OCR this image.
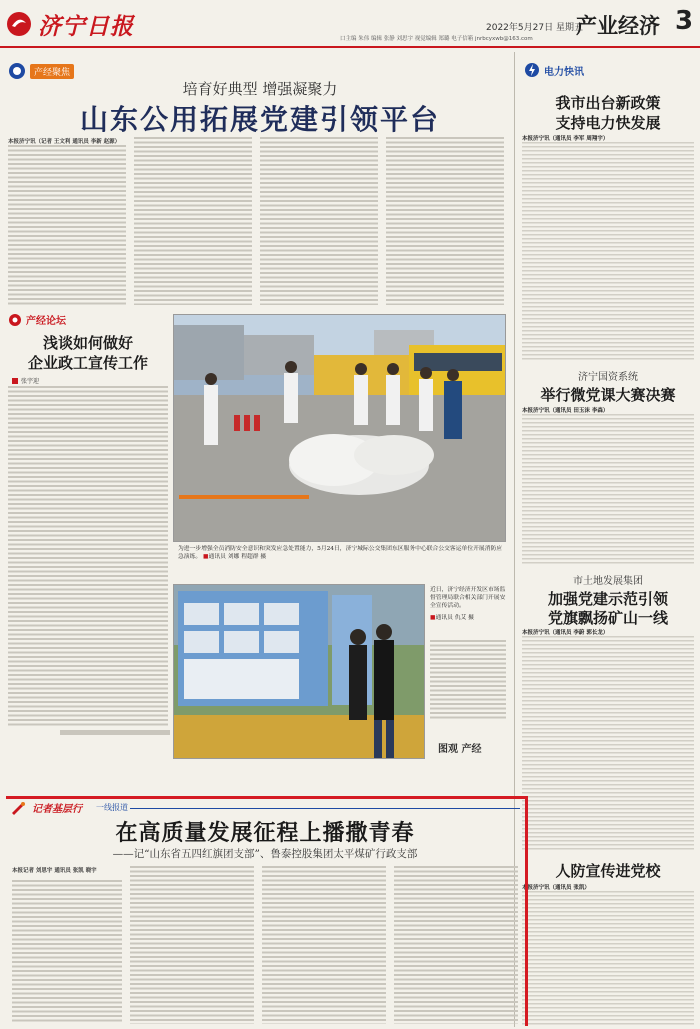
济宁日报	口主编 朱伟 编辑 张静 刘思宇 视觉编辑 郑璐 电子信箱 jnrbcyxwb@163.com
2022年5月27日 星期五
产业经济 3
产经聚焦
培育好典型 增强凝聚力
山东公用拓展党建引领平台
本报济宁讯（记者 王文利 通讯员 李新 赵源）
产经论坛
浅谈如何做好
企业政工宣传工作
张宇迎
为进一步增强全员消防安全意识和突发应急处置能力，5月24日，济宁城际公交集团东区服务中心联合公交客运单位开展消防应急演练。 ■通讯员 刘娜 程超群 摄
近日，济宁经济开发区市场监督管理局联合相关部门开展安全宣传活动。
■通讯员 仇艾 摄
图观 产经
电力快讯
我市出台新政策
支持电力快发展
本报济宁讯（通讯员 李军 周翔宇）
济宁国资系统
举行微党课大赛决赛
本报济宁讯（通讯员 田玉沫 李森）
市土地发展集团
加强党建示范引领
党旗飘扬矿山一线
本报济宁讯（通讯员 李蔚 郭长龙）
人防宣传进党校
本报济宁讯（通讯员 张凯）
记者基层行 一线报道
在高质量发展征程上播撒青春
——记“山东省五四红旗团支部”、鲁泰控股集团太平煤矿行政支部
本报记者 刘思宇 通讯员 张凯 晓宇
